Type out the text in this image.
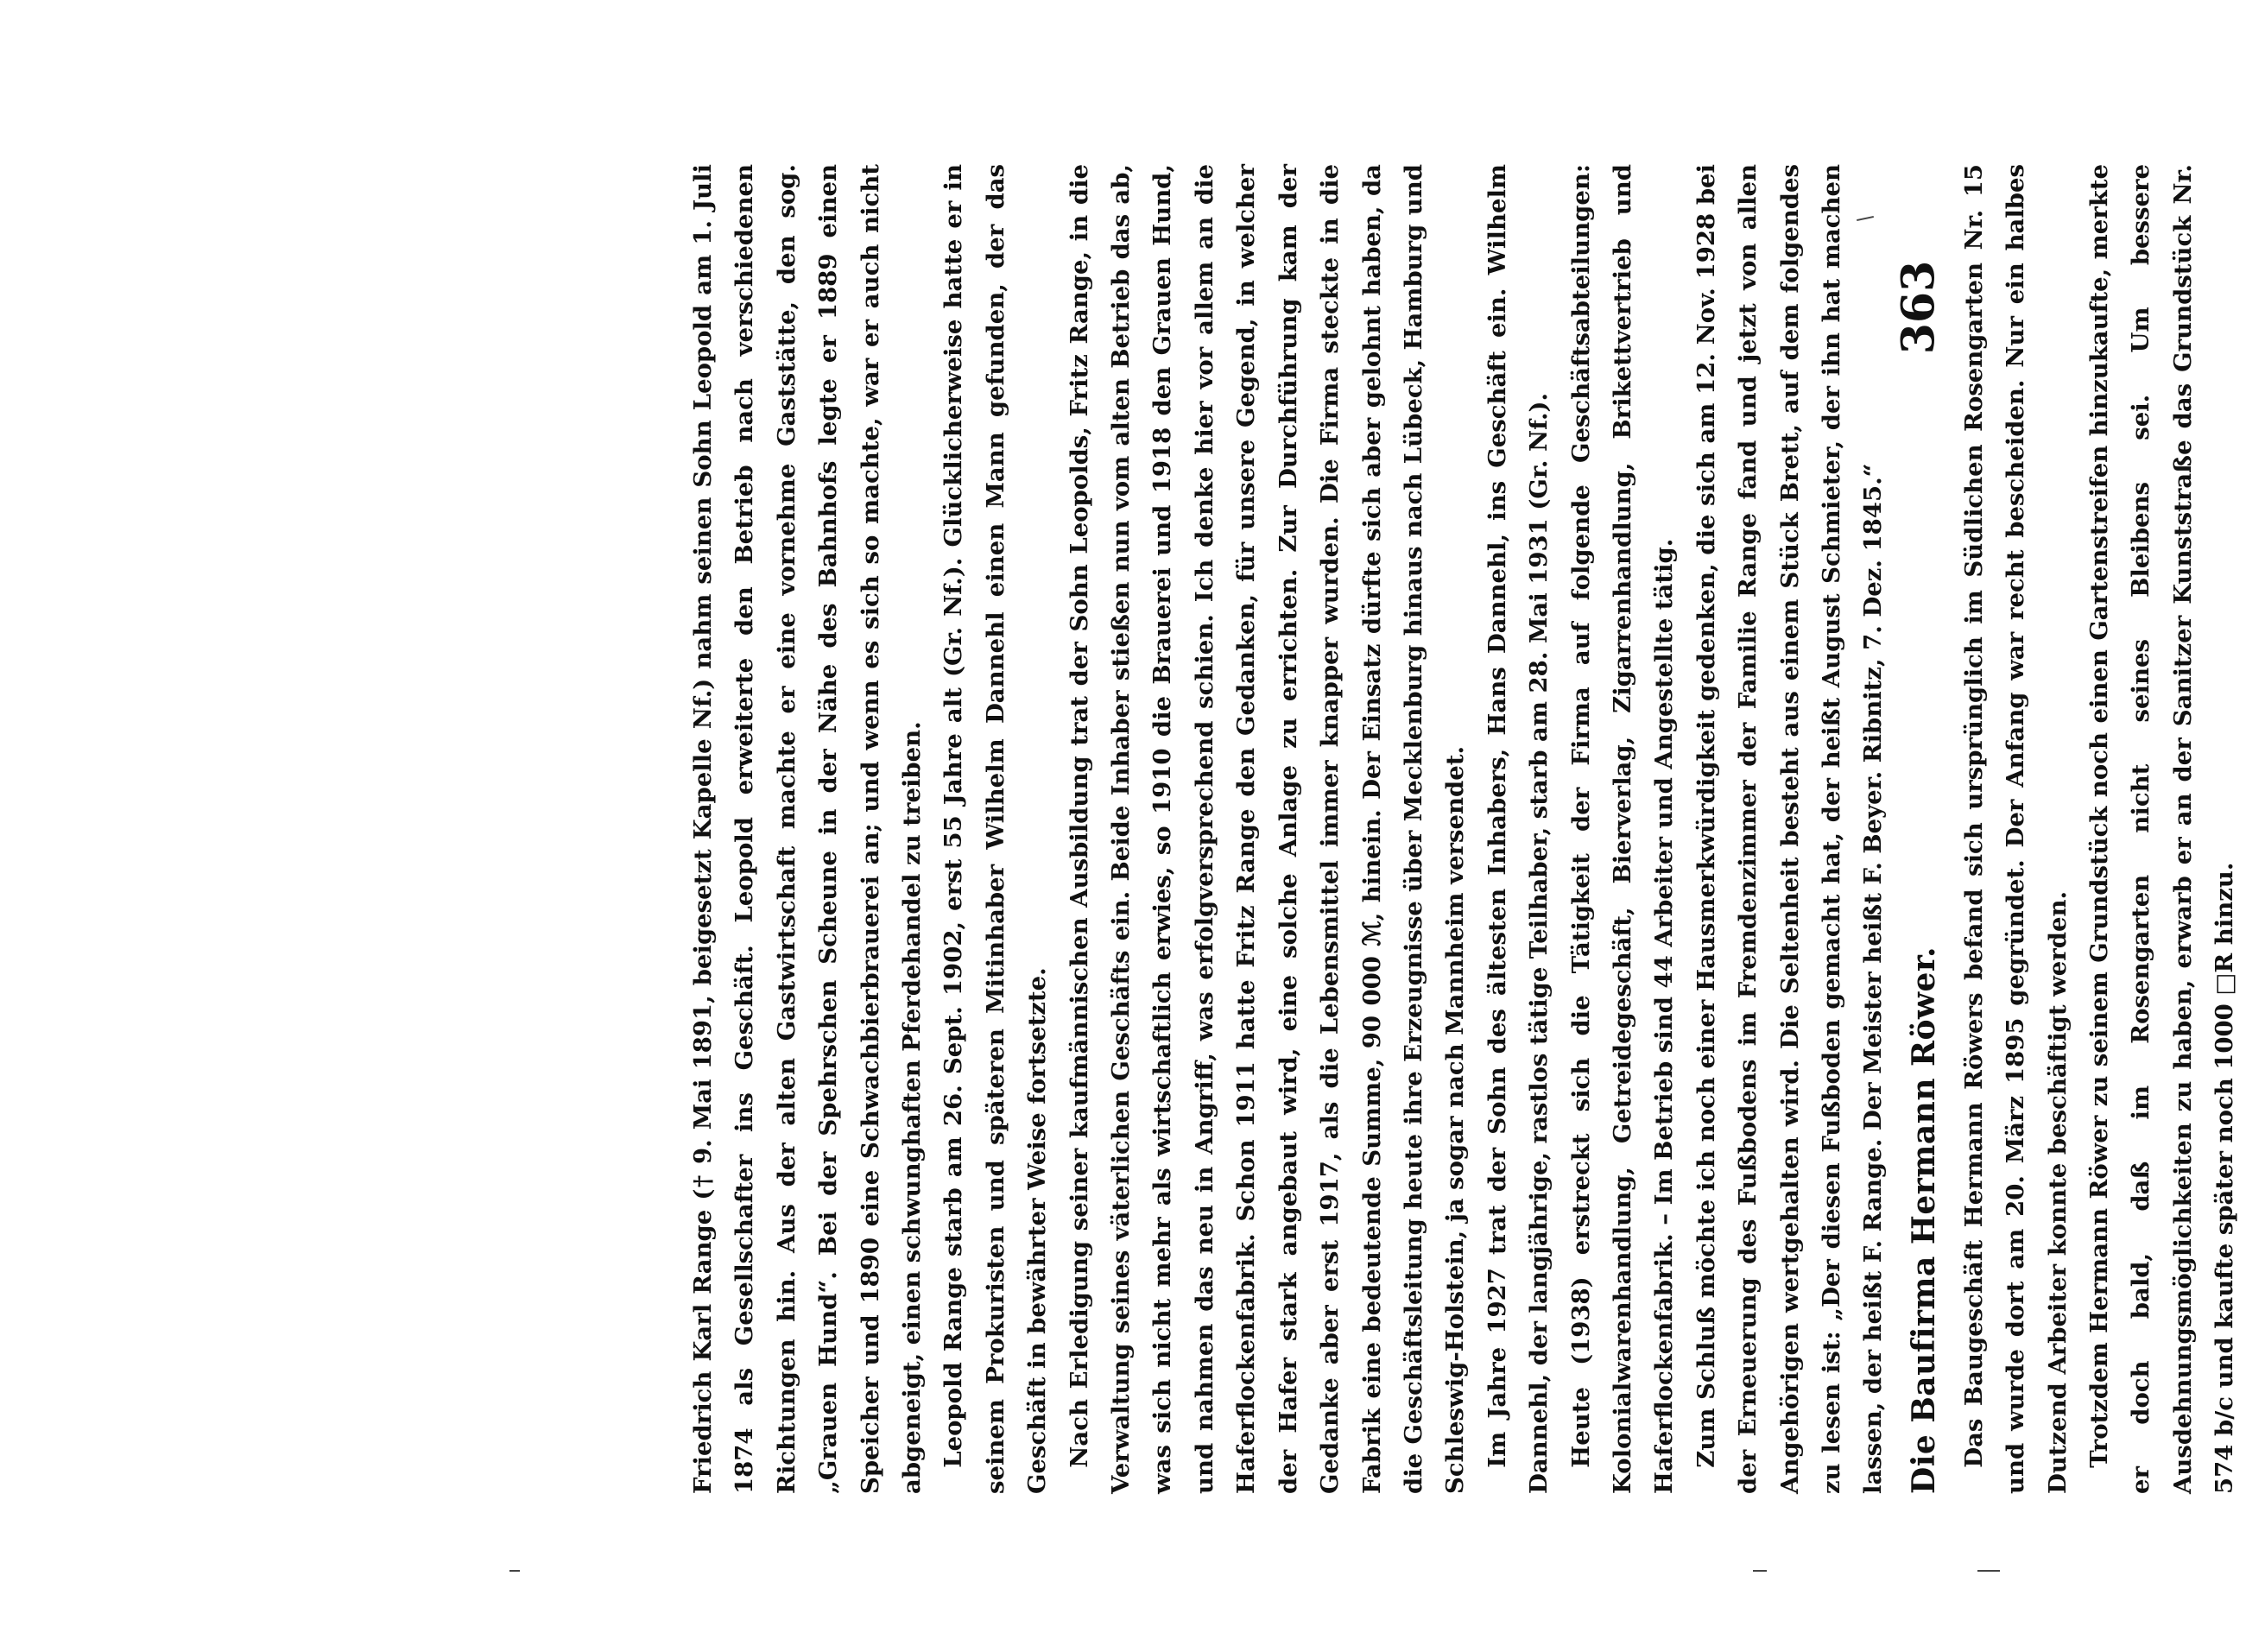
363

Friedrich Karl Range († 9. Mai 1891, beigesetzt Kapelle Nf.) nahm seinen Sohn Leopold am 1. Juli 1874 als Gesellschafter ins Geschäft. Leopold erweiterte den Betrieb nach verschiedenen Richtungen hin. Aus der alten Gastwirtschaft machte er eine vornehme Gaststätte, den sog. „Grauen Hund“. Bei der Spehrschen Scheune in der Nähe des Bahnhofs legte er 1889 einen Speicher und 1890 eine Schwachbierbrauerei an; und wenn es sich so machte, war er auch nicht abgeneigt, einen schwunghaften Pferdehandel zu treiben. Leopold Range starb am 26. Sept. 1902, erst 55 Jahre alt (Gr. Nf.). Glücklicherweise hatte er in seinem Prokuristen und späteren Mitinhaber Wilhelm Dannehl einen Mann gefunden, der das Geschäft in bewährter Weise fortsetzte. Nach Erledigung seiner kaufmännischen Ausbildung trat der Sohn Leopolds, Fritz Range, in die Verwaltung seines väterlichen Geschäfts ein. Beide Inhaber stießen nun vom alten Betrieb das ab, was sich nicht mehr als wirtschaftlich erwies, so 1910 die Brauerei und 1918 den Grauen Hund, und nahmen das neu in Angriff, was erfolgversprechend schien. Ich denke hier vor allem an die Haferflockenfabrik. Schon 1911 hatte Fritz Range den Gedanken, für unsere Gegend, in welcher der Hafer stark angebaut wird, eine solche Anlage zu errichten. Zur Durchführung kam der Gedanke aber erst 1917, als die Lebensmittel immer knapper wurden. Die Firma steckte in die Fabrik eine bedeutende Summe, 90 000 ℳ, hinein. Der Einsatz dürfte sich aber gelohnt haben, da die Geschäftsleitung heute ihre Erzeugnisse über Mecklenburg hinaus nach Lübeck, Hamburg und Schleswig-Holstein, ja sogar nach Mannheim versendet. Im Jahre 1927 trat der Sohn des ältesten Inhabers, Hans Dannehl, ins Geschäft ein. Wilhelm Dannehl, der langjährige, rastlos tätige Teilhaber, starb am 28. Mai 1931 (Gr. Nf.). Heute (1938) erstreckt sich die Tätigkeit der Firma auf folgende Geschäftsabteilungen: Kolonialwarenhandlung, Getreidegeschäft, Bierverlag, Zigarrenhandlung, Brikettvertrieb und Haferflockenfabrik. – Im Betrieb sind 44 Arbeiter und Angestellte tätig. Zum Schluß möchte ich noch einer Hausmerkwürdigkeit gedenken, die sich am 12. Nov. 1928 bei der Erneuerung des Fußbodens im Fremdenzimmer der Familie Range fand und jetzt von allen Angehörigen wertgehalten wird. Die Seltenheit besteht aus einem Stück Brett, auf dem folgendes zu lesen ist: „Der diesen Fußboden gemacht hat, der heißt August Schmieter, der ihn hat machen lassen, der heißt F. Range. Der Meister heißt F. Beyer. Ribnitz, 7. Dez. 1845.“ Die Baufirma Hermann Röwer. Das Baugeschäft Hermann Röwers befand sich ursprünglich im Südlichen Rosengarten Nr. 15 und wurde dort am 20. März 1895 gegründet. Der Anfang war recht bescheiden. Nur ein halbes Dutzend Arbeiter konnte beschäftigt werden. Trotzdem Hermann Röwer zu seinem Grundstück noch einen Gartenstreifen hinzukaufte, merkte er doch bald, daß im Rosengarten nicht seines Bleibens sei. Um bessere Ausdehnungsmöglichkeiten zu haben, erwarb er an der Sanitzer Kunststraße das Grundstück Nr. 574 b/c und kaufte später noch 1000 □R hinzu.
